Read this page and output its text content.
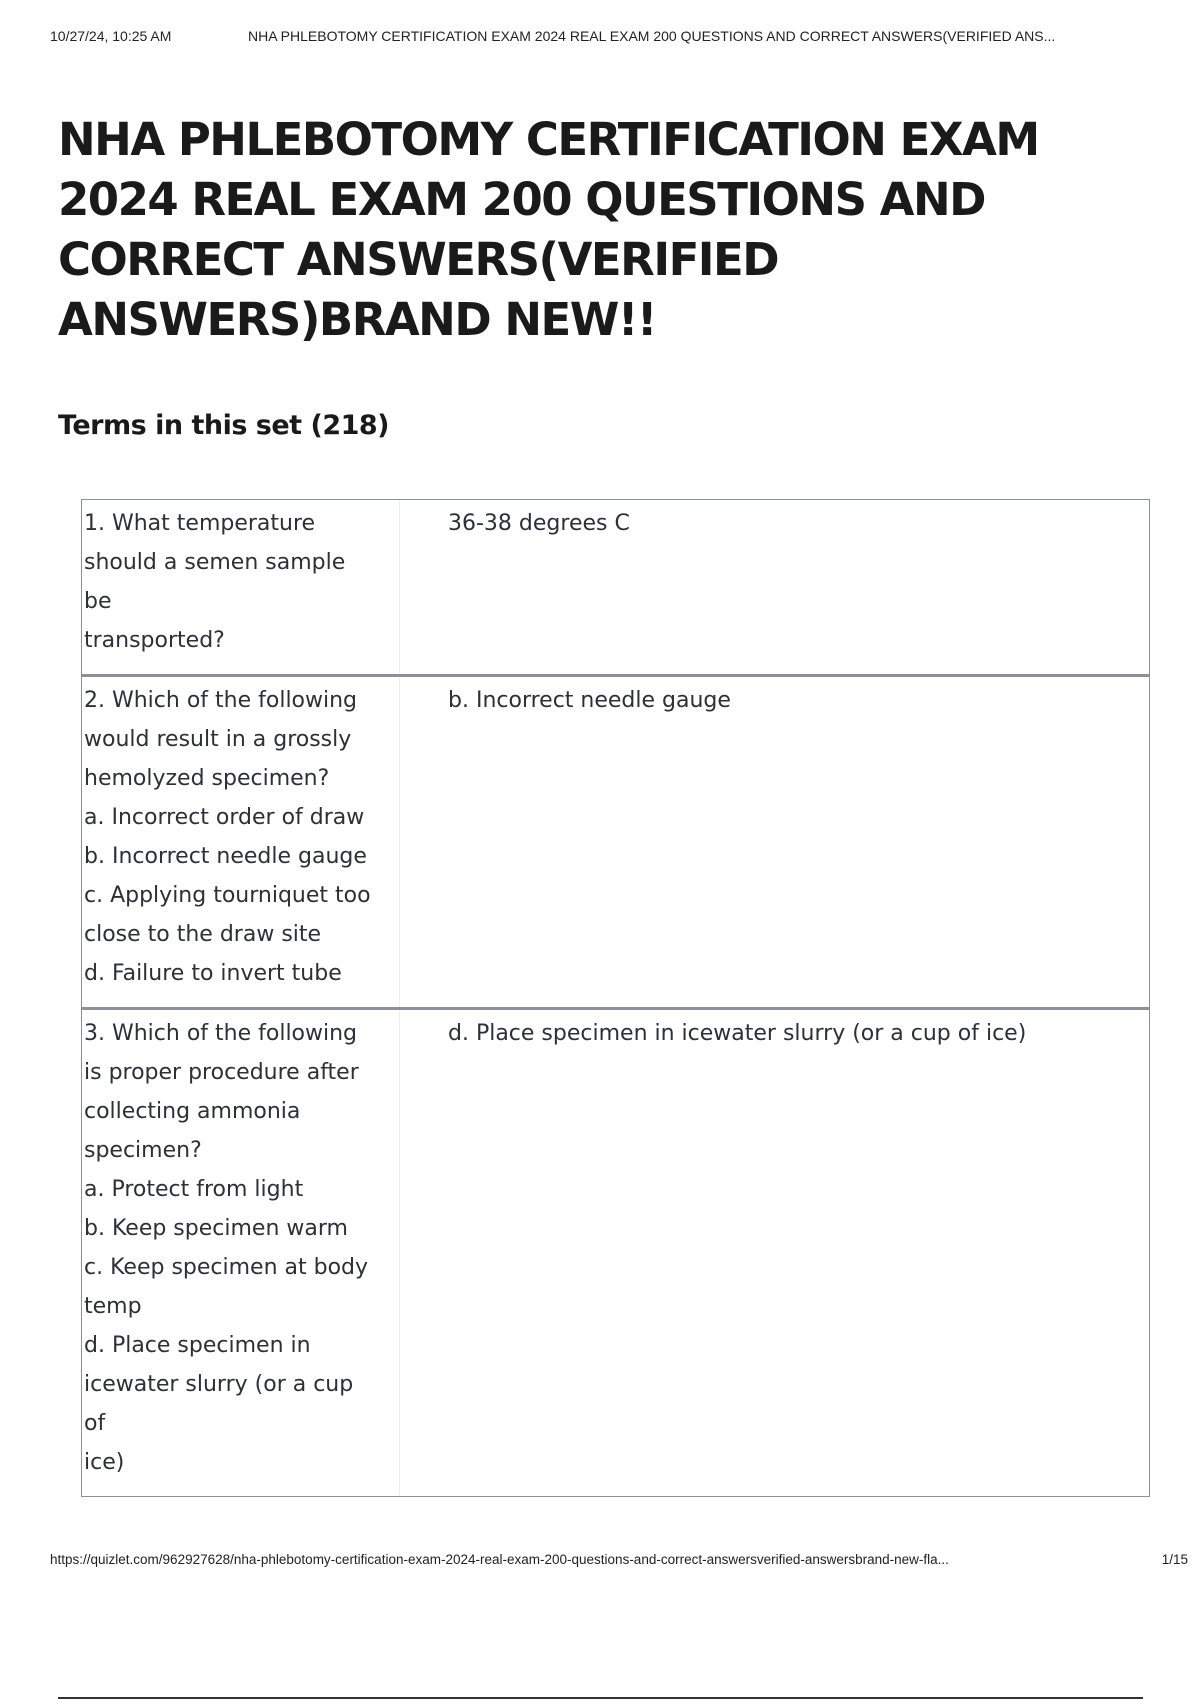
10/27/24, 10:25 AM	NHA PHLEBOTOMY CERTIFICATION EXAM 2024 REAL EXAM 200 QUESTIONS AND CORRECT ANSWERS(VERIFIED ANS...
NHA PHLEBOTOMY CERTIFICATION EXAM 2024 REAL EXAM 200 QUESTIONS AND CORRECT ANSWERS(VERIFIED ANSWERS)BRAND NEW!!
Terms in this set (218)
1. What temperature
should a semen sample be
transported?
36-38 degrees C
2. Which of the following
would result in a grossly
hemolyzed specimen?
a. Incorrect order of draw
b. Incorrect needle gauge
c. Applying tourniquet too
close to the draw site
d. Failure to invert tube
b. Incorrect needle gauge
3. Which of the following
is proper procedure after
collecting ammonia
specimen?
a. Protect from light
b. Keep specimen warm
c. Keep specimen at body
temp
d. Place specimen in
icewater slurry (or a cup of
ice)
d. Place specimen in icewater slurry (or a cup of ice)
https://quizlet.com/962927628/nha-phlebotomy-certification-exam-2024-real-exam-200-questions-and-correct-answersverified-answersbrand-new-fla...	1/15
